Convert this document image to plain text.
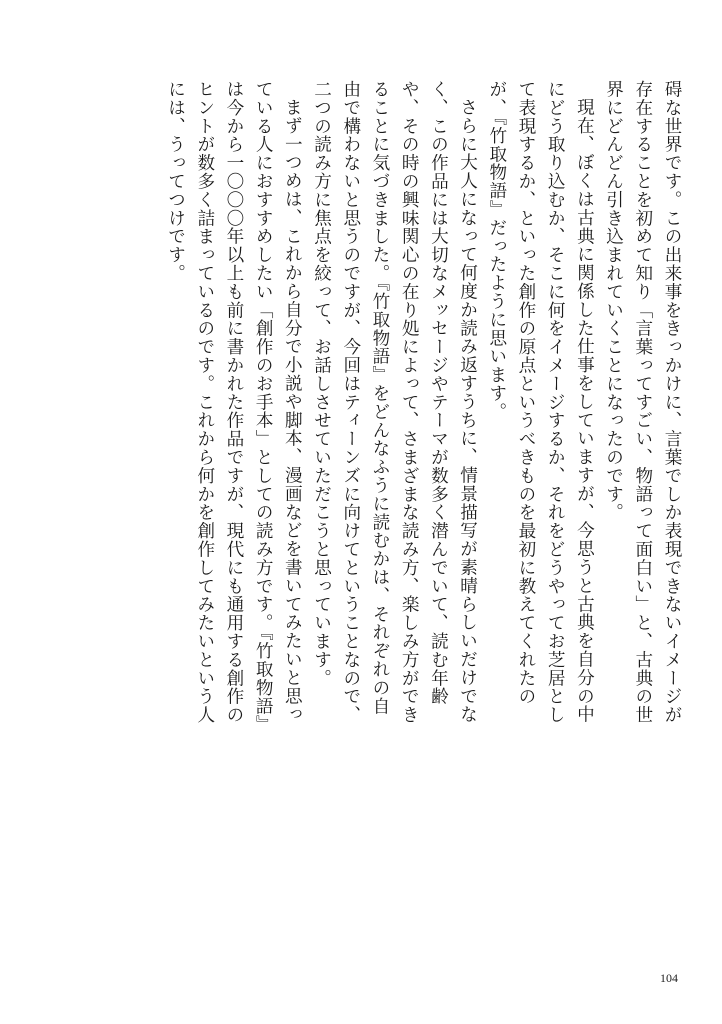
碍な世界です。この出来事をきっかけに、言葉でしか表現できないイメージが存在することを初めて知り「言葉ってすごい、物語って面白い」と、古典の世界にどんどん引き込まれていくことになったのです。

現在、ぼくは古典に関係した仕事をしていますが、今思うと古典を自分の中にどう取り込むか、そこに何をイメージするか、それをどうやってお芝居として表現するか、といった創作の原点というべきものを最初に教えてくれたのが、『竹取物語』だったように思います。

さらに大人になって何度か読み返すうちに、情景描写が素晴らしいだけでなく、この作品には大切なメッセージやテーマが数多く潜んでいて、読む年齢や、その時の興味関心の在り処によって、さまざまな読み方、楽しみ方ができることに気づきました。『竹取物語』をどんなふうに読むかは、それぞれの自由で構わないと思うのですが、今回はティーンズに向けてということなので、二つの読み方に焦点を絞って、お話しさせていただこうと思っています。

まず一つめは、これから自分で小説や脚本、漫画などを書いてみたいと思っている人におすすめしたい「創作のお手本」としての読み方です。『竹取物語』は今から一〇〇〇年以上も前に書かれた作品ですが、現代にも通用する創作のヒントが数多く詰まっているのです。これから何かを創作してみたいという人には、うってつけです。

104
